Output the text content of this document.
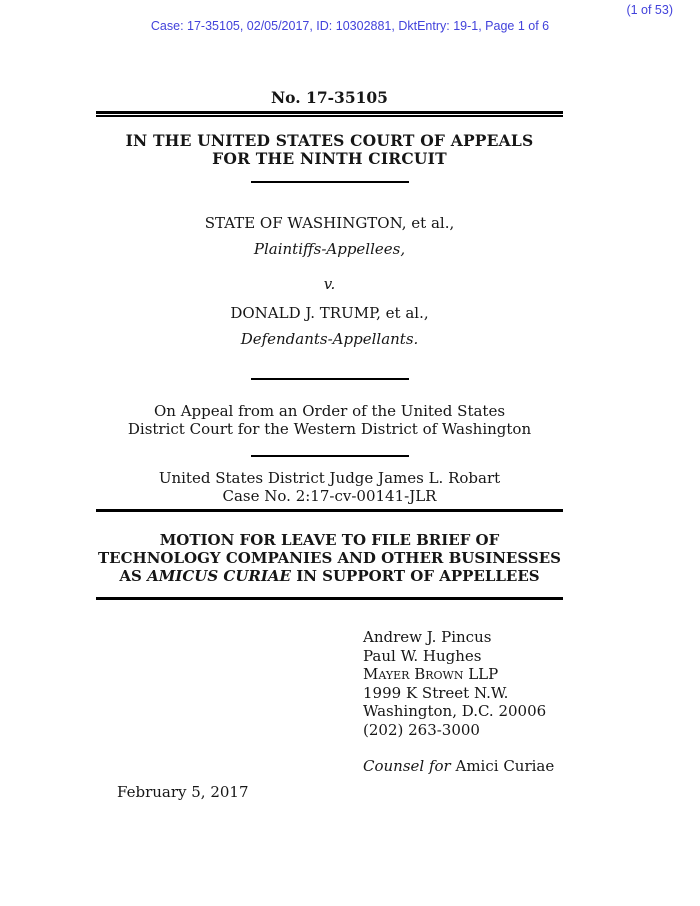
(1 of 53)
Case: 17-35105, 02/05/2017, ID: 10302881, DktEntry: 19-1, Page 1 of 6
No. 17-35105
IN THE UNITED STATES COURT OF APPEALS
FOR THE NINTH CIRCUIT
STATE OF WASHINGTON, et al.,
Plaintiffs-Appellees,
v.
DONALD J. TRUMP, et al.,
Defendants-Appellants.
On Appeal from an Order of the United States
District Court for the Western District of Washington
United States District Judge James L. Robart
Case No. 2:17-cv-00141-JLR
MOTION FOR LEAVE TO FILE BRIEF OF
TECHNOLOGY COMPANIES AND OTHER BUSINESSES
AS AMICUS CURIAE IN SUPPORT OF APPELLEES
Andrew J. Pincus
Paul W. Hughes
Mayer Brown LLP
1999 K Street N.W.
Washington, D.C. 20006
(202) 263-3000
Counsel for Amici Curiae
February 5, 2017
